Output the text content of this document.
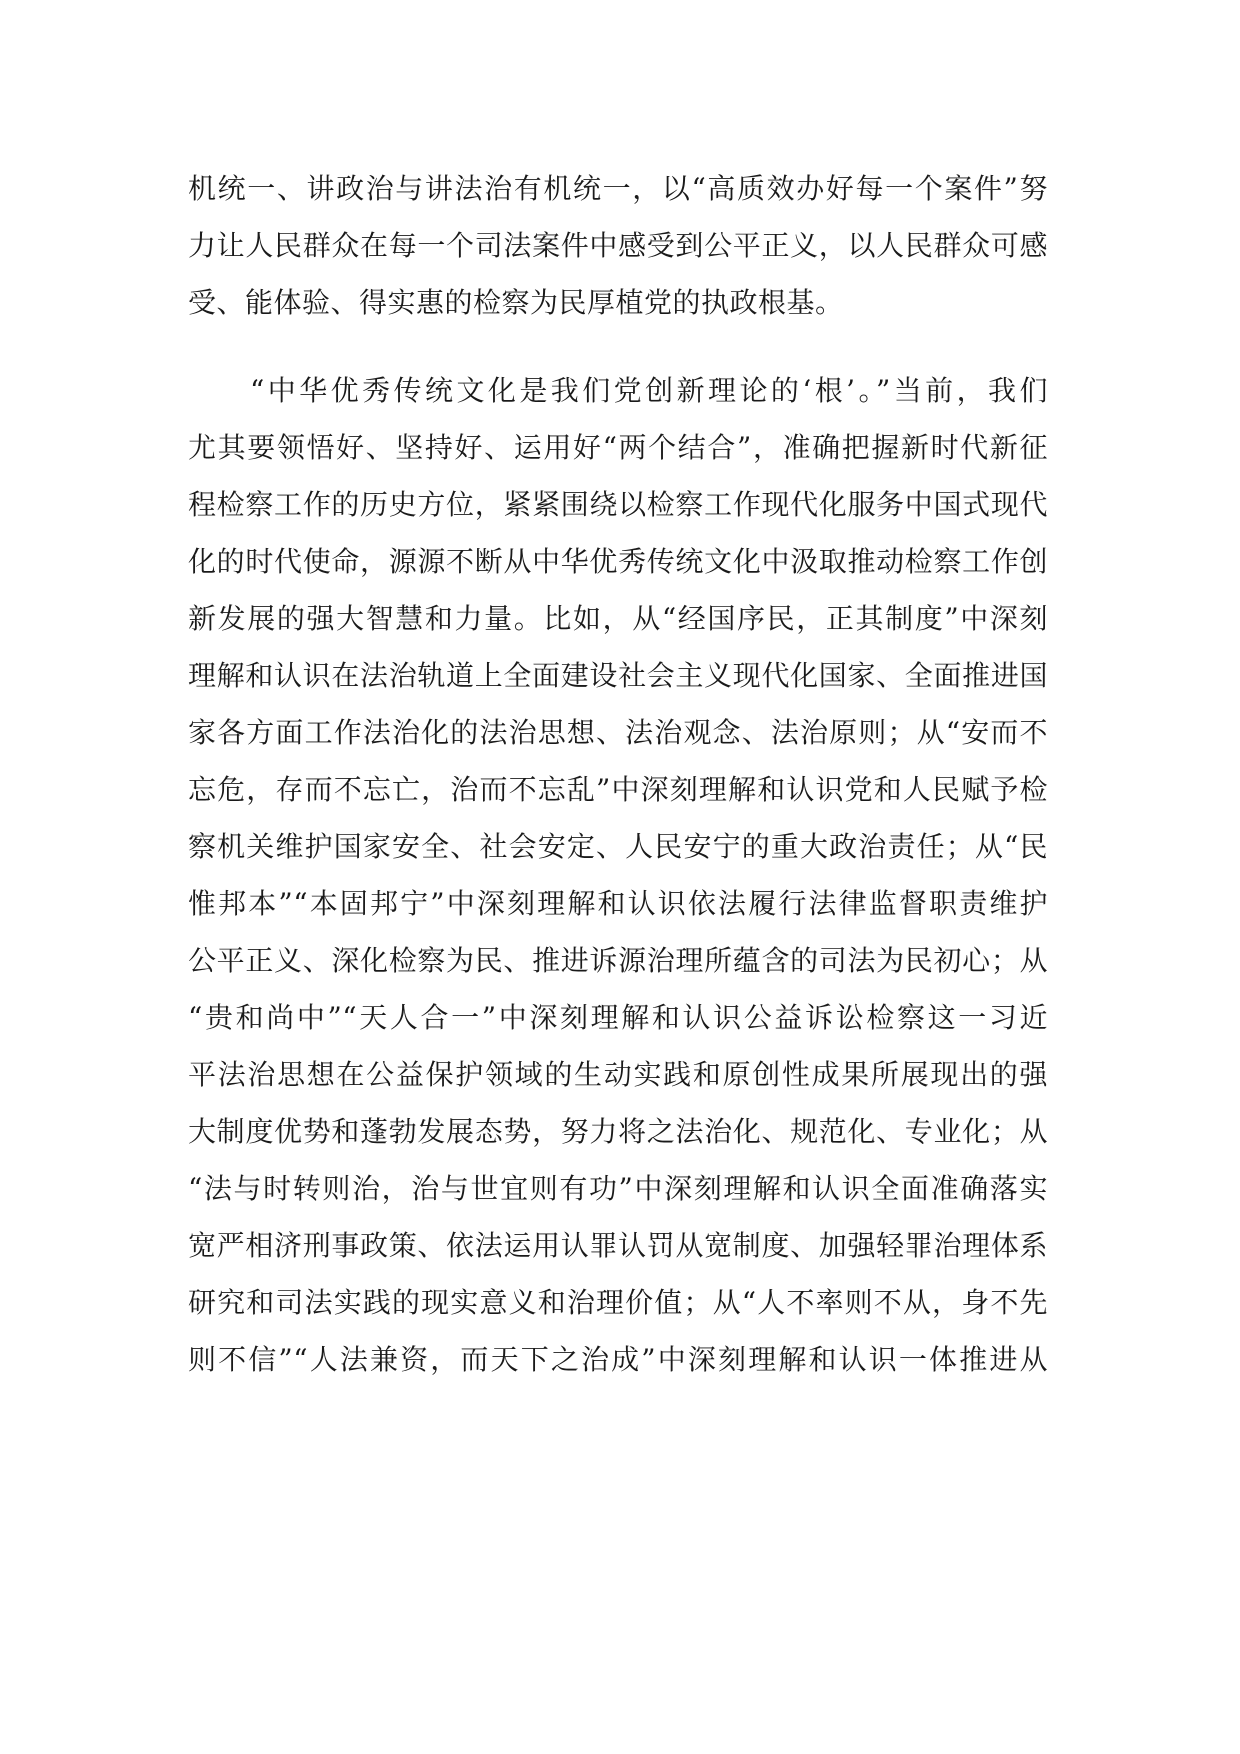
机统一、讲政治与讲法治有机统一，以“高质效办好每一个案件”努
力让人民群众在每一个司法案件中感受到公平正义，以人民群众可感
受、能体验、得实惠的检察为民厚植党的执政根基。
“中华优秀传统文化是我们党创新理论的‘根’。”当前，我们
尤其要领悟好、坚持好、运用好“两个结合”，准确把握新时代新征
程检察工作的历史方位，紧紧围绕以检察工作现代化服务中国式现代
化的时代使命，源源不断从中华优秀传统文化中汲取推动检察工作创
新发展的强大智慧和力量。比如，从“经国序民，正其制度”中深刻
理解和认识在法治轨道上全面建设社会主义现代化国家、全面推进国
家各方面工作法治化的法治思想、法治观念、法治原则；从“安而不
忘危，存而不忘亡，治而不忘乱”中深刻理解和认识党和人民赋予检
察机关维护国家安全、社会安定、人民安宁的重大政治责任；从“民
惟邦本”“本固邦宁”中深刻理解和认识依法履行法律监督职责维护
公平正义、深化检察为民、推进诉源治理所蕴含的司法为民初心；从
“贵和尚中”“天人合一”中深刻理解和认识公益诉讼检察这一习近
平法治思想在公益保护领域的生动实践和原创性成果所展现出的强
大制度优势和蓬勃发展态势，努力将之法治化、规范化、专业化；从
“法与时转则治，治与世宜则有功”中深刻理解和认识全面准确落实
宽严相济刑事政策、依法运用认罪认罚从宽制度、加强轻罪治理体系
研究和司法实践的现实意义和治理价值；从“人不率则不从，身不先
则不信”“人法兼资，而天下之治成”中深刻理解和认识一体推进从
